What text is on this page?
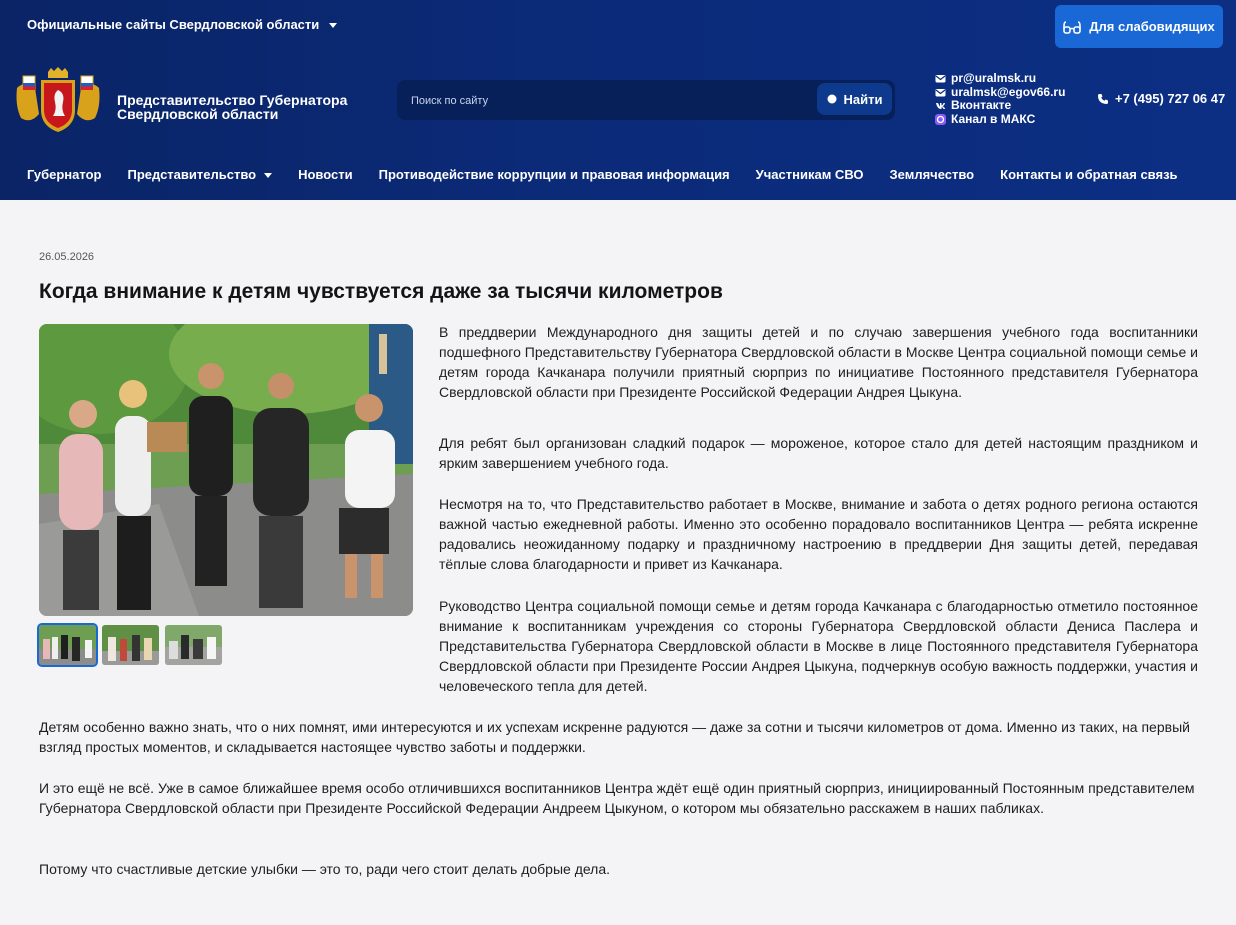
Официальные сайты Свердловской области	Для слабовидящих
Представительство Губернатора Свердловской области
Поиск по сайту
Найти
pr@uralmsk.ru
uralmsk@egov66.ru
Вконтакте
Канал в МАКС
+7 (495) 727 06 47
Губернатор Представительство	Новости Противодействие коррупции и правовая информация Участникам СВО Землячество Контакты и обратная связь
26.05.2026
Когда внимание к детям чувствуется даже за тысячи километров

В преддверии Международного дня защиты детей и по случаю завершения учебного года воспитанники подшефного Представительству Губернатора Свердловской области в Москве Центра социальной помощи семье и детям города Качканара получили приятный сюрприз по инициативе Постоянного представителя Губернатора Свердловской области при Президенте Российской Федерации Андрея Цыкуна.

Для ребят был организован сладкий подарок — мороженое, которое стало для детей настоящим праздником и ярким завершением учебного года.

Несмотря на то, что Представительство работает в Москве, внимание и забота о детях родного региона остаются важной частью ежедневной работы. Именно это особенно порадовало воспитанников Центра — ребята искренне радовались неожиданному подарку и праздничному настроению в преддверии Дня защиты детей, передавая тёплые слова благодарности и привет из Качканара.

Руководство Центра социальной помощи семье и детям города Качканара с благодарностью отметило постоянное внимание к воспитанникам учреждения со стороны Губернатора Свердловской области Дениса Паслера и Представительства Губернатора Свердловской области в Москве в лице Постоянного представителя Губернатора Свердловской области при Президенте России Андрея Цыкуна, подчеркнув особую важность поддержки, участия и человеческого тепла для детей.

Детям особенно важно знать, что о них помнят, ими интересуются и их успехам искренне радуются — даже за сотни и тысячи километров от дома. Именно из таких, на первый взгляд простых моментов, и складывается настоящее чувство заботы и поддержки.

И это ещё не всё. Уже в самое ближайшее время особо отличившихся воспитанников Центра ждёт ещё один приятный сюрприз, инициированный Постоянным представителем Губернатора Свердловской области при Президенте Российской Федерации Андреем Цыкуном, о котором мы обязательно расскажем в наших пабликах.

Потому что счастливые детские улыбки — это то, ради чего стоит делать добрые дела.
